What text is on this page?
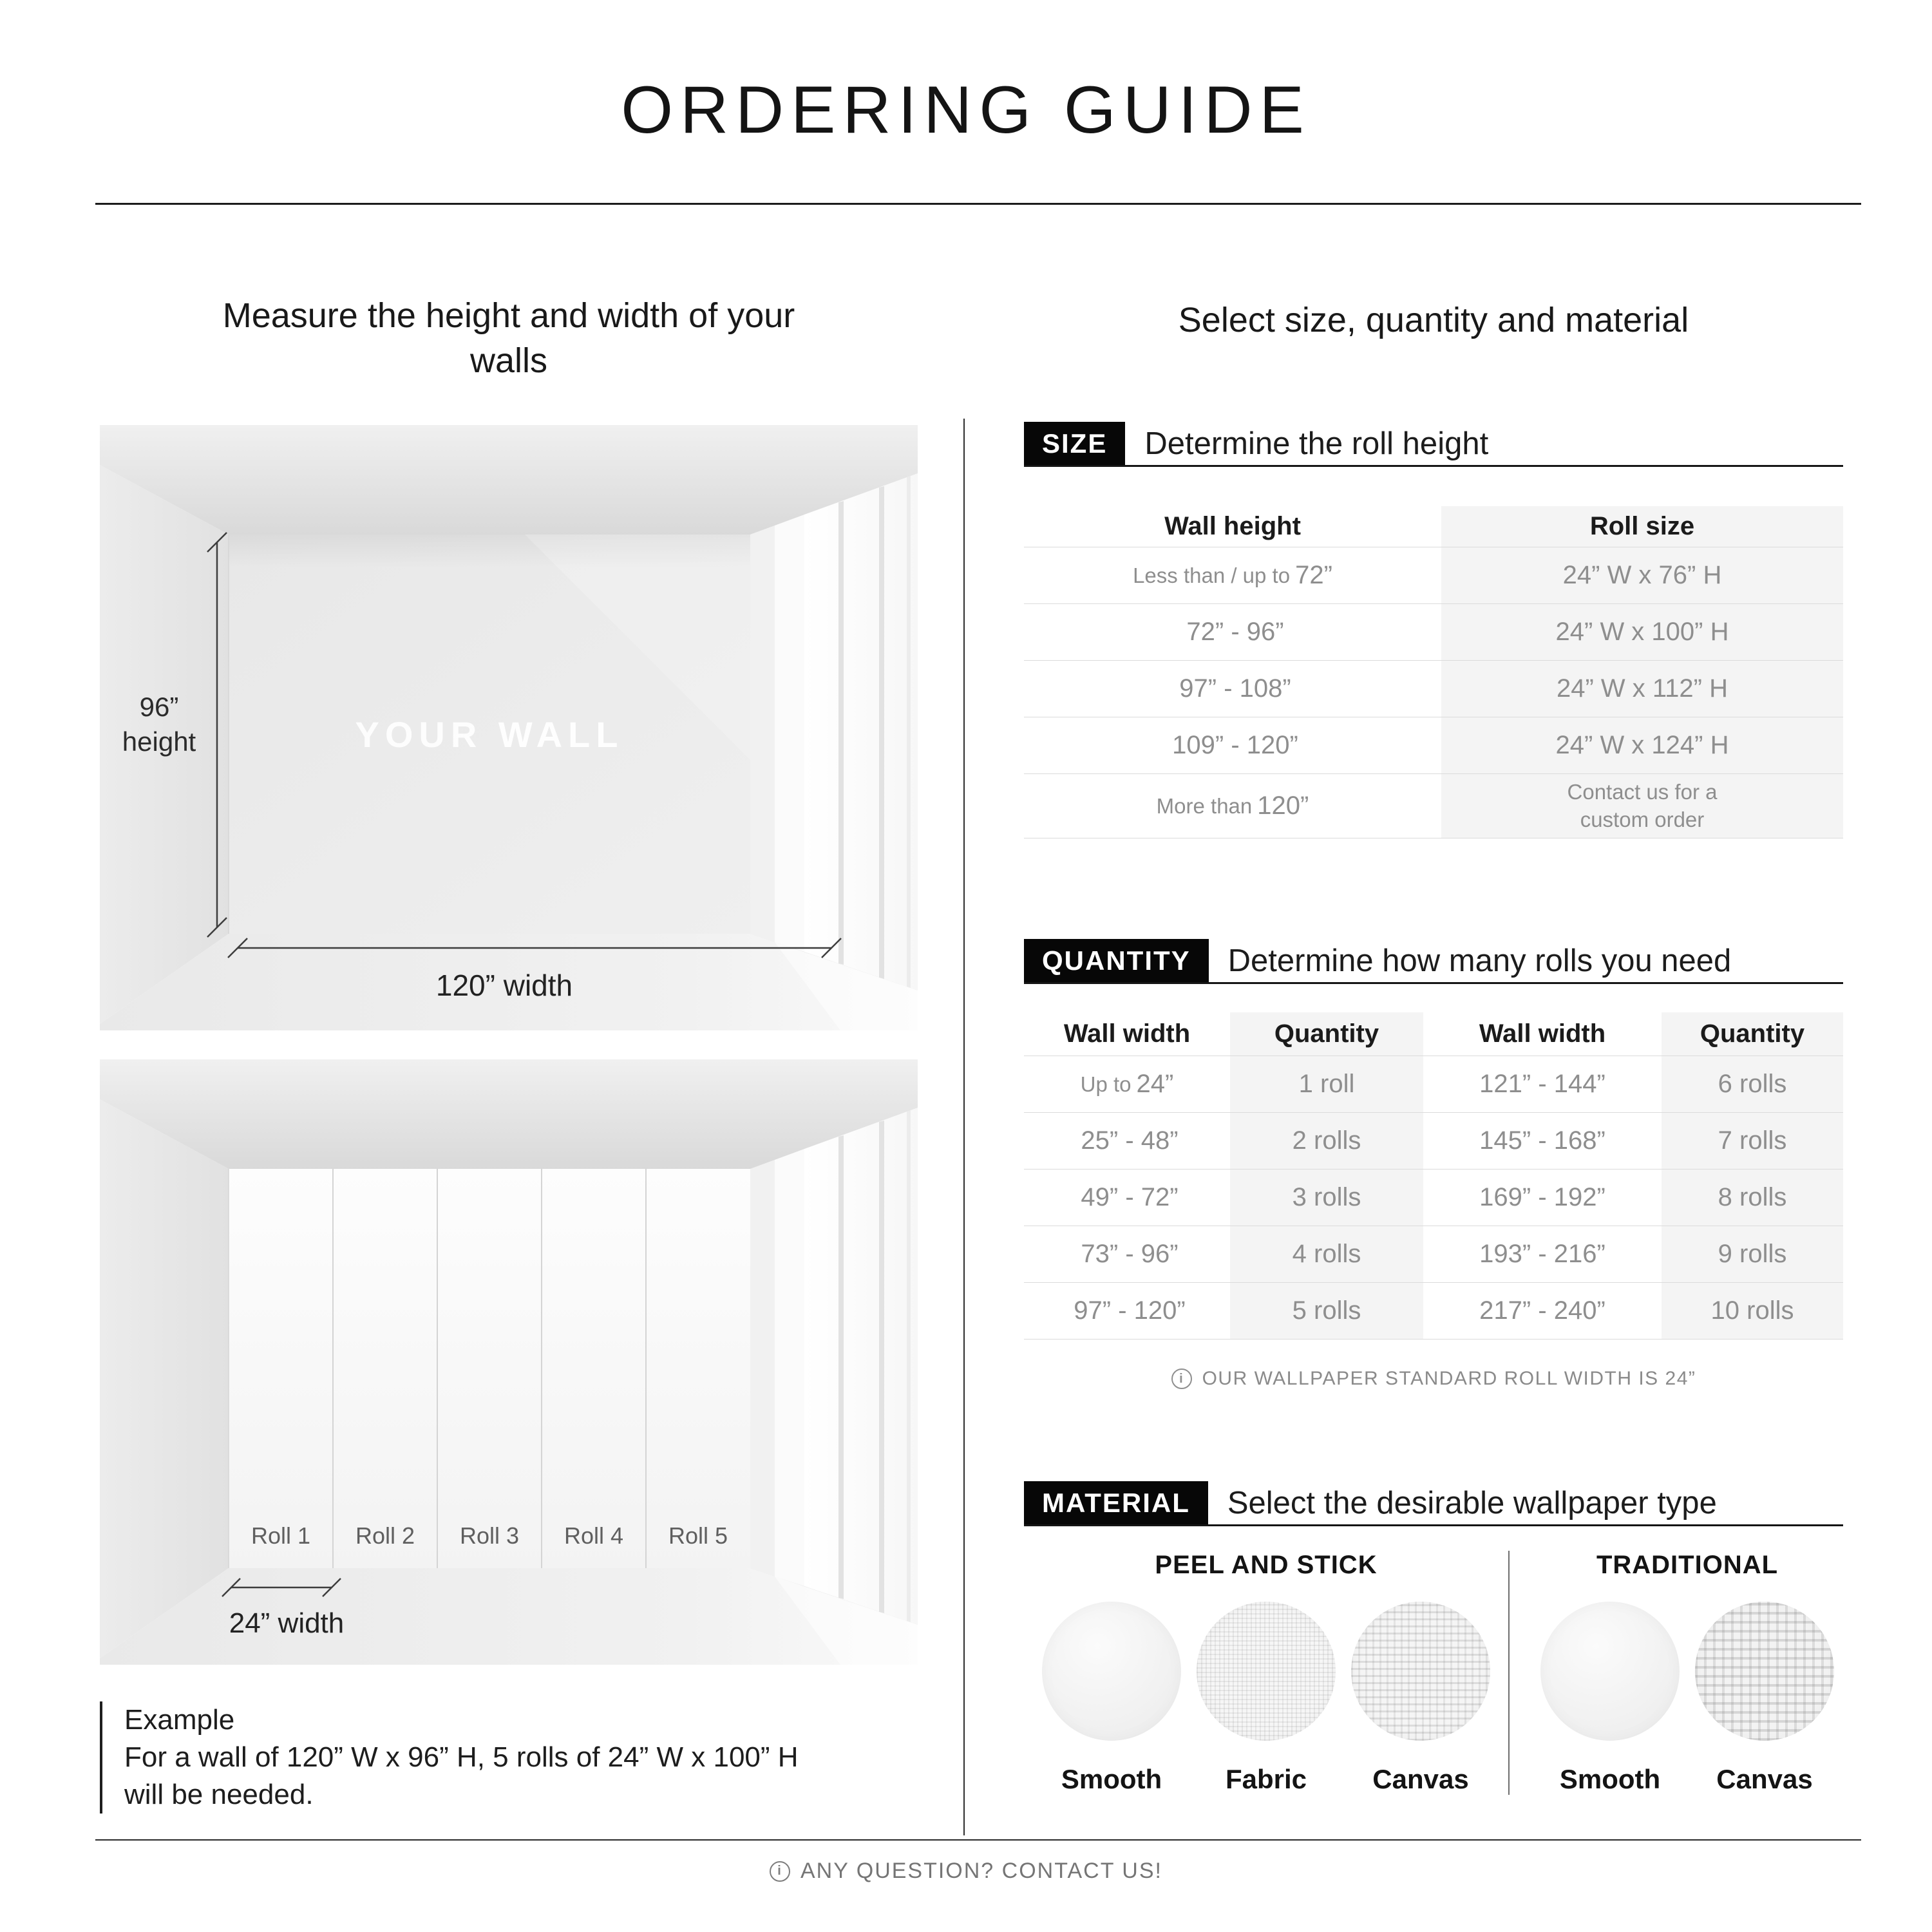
ORDERING GUIDE
Measure the height and width of your walls
Select size, quantity and material
YOUR WALL
96”
height
120” width
Roll 1 Roll 2 Roll 3 Roll 4 Roll 5
24” width
Example
For a wall of 120” W x 96” H, 5 rolls of 24” W x 100” H
will be needed.
SIZE	Determine the roll height
Wall height	Roll size
Less than / up to 72”	24” W x 76” H
72” - 96”	24” W x 100” H
97” - 108”	24” W x 112” H
109” - 120”	24” W x 124” H
More than 120”	Contact us for a
custom order
QUANTITY	Determine how many rolls you need
Wall width	Quantity	Wall width	Quantity
Up to 24”	1 roll	121” - 144”	6 rolls
25” - 48”	2 rolls	145” - 168”	7 rolls
49” - 72”	3 rolls	169” - 192”	8 rolls
73” - 96”	4 rolls	193” - 216”	9 rolls
97” - 120”	5 rolls	217” - 240”	10 rolls
i OUR WALLPAPER STANDARD ROLL WIDTH IS 24”
MATERIAL	Select the desirable wallpaper type
PEEL AND STICK
Smooth Fabric Canvas
TRADITIONAL
Smooth Canvas
i ANY QUESTION? CONTACT US!
